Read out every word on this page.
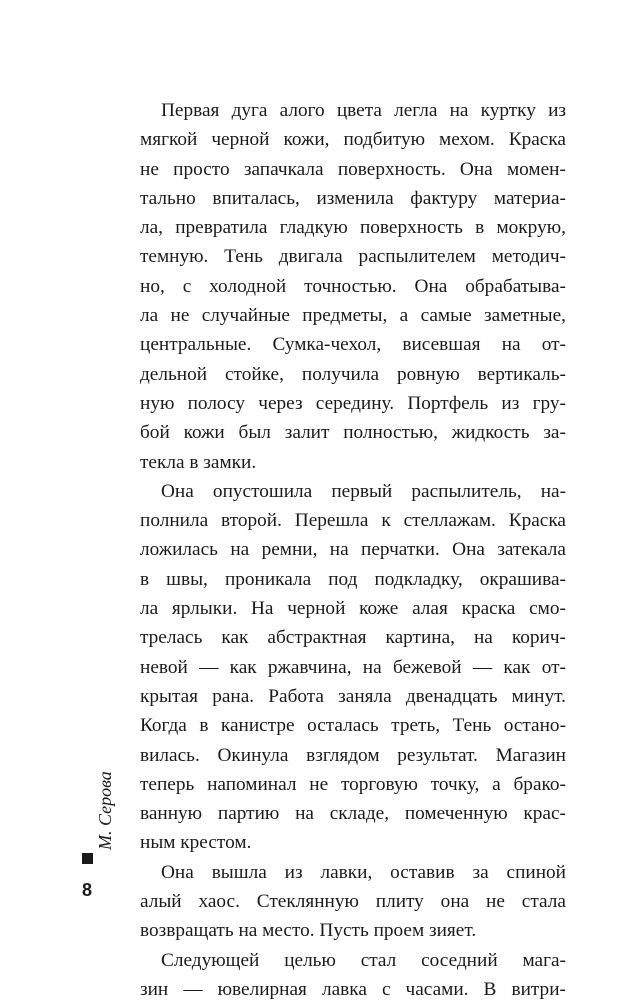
Первая дуга алого цвета легла на куртку из
мягкой черной кожи, подбитую мехом. Краска
не просто запачкала поверхность. Она момен-
тально впиталась, изменила фактуру материа-
ла, превратила гладкую поверхность в мокрую,
темную. Тень двигала распылителем методич-
но, с холодной точностью. Она обрабатыва-
ла не случайные предметы, а самые заметные,
центральные. Сумка-чехол, висевшая на от-
дельной стойке, получила ровную вертикаль-
ную полосу через середину. Портфель из гру-
бой кожи был залит полностью, жидкость за-
текла в замки.
Она опустошила первый распылитель, на-
полнила второй. Перешла к стеллажам. Краска
ложилась на ремни, на перчатки. Она затекала
в швы, проникала под подкладку, окрашива-
ла ярлыки. На черной коже алая краска смо-
трелась как абстрактная картина, на корич-
невой — как ржавчина, на бежевой — как от-
крытая рана. Работа заняла двенадцать минут.
Когда в канистре осталась треть, Тень остано-
вилась. Окинула взглядом результат. Магазин
теперь напоминал не торговую точку, а брако-
ванную партию на складе, помеченную крас-
ным крестом.
Она вышла из лавки, оставив за спиной
алый хаос. Стеклянную плиту она не стала
возвращать на место. Пусть проем зияет.
Следующей целью стал соседний мага-
зин — ювелирная лавка с часами. В витри-
М. Серова
8
